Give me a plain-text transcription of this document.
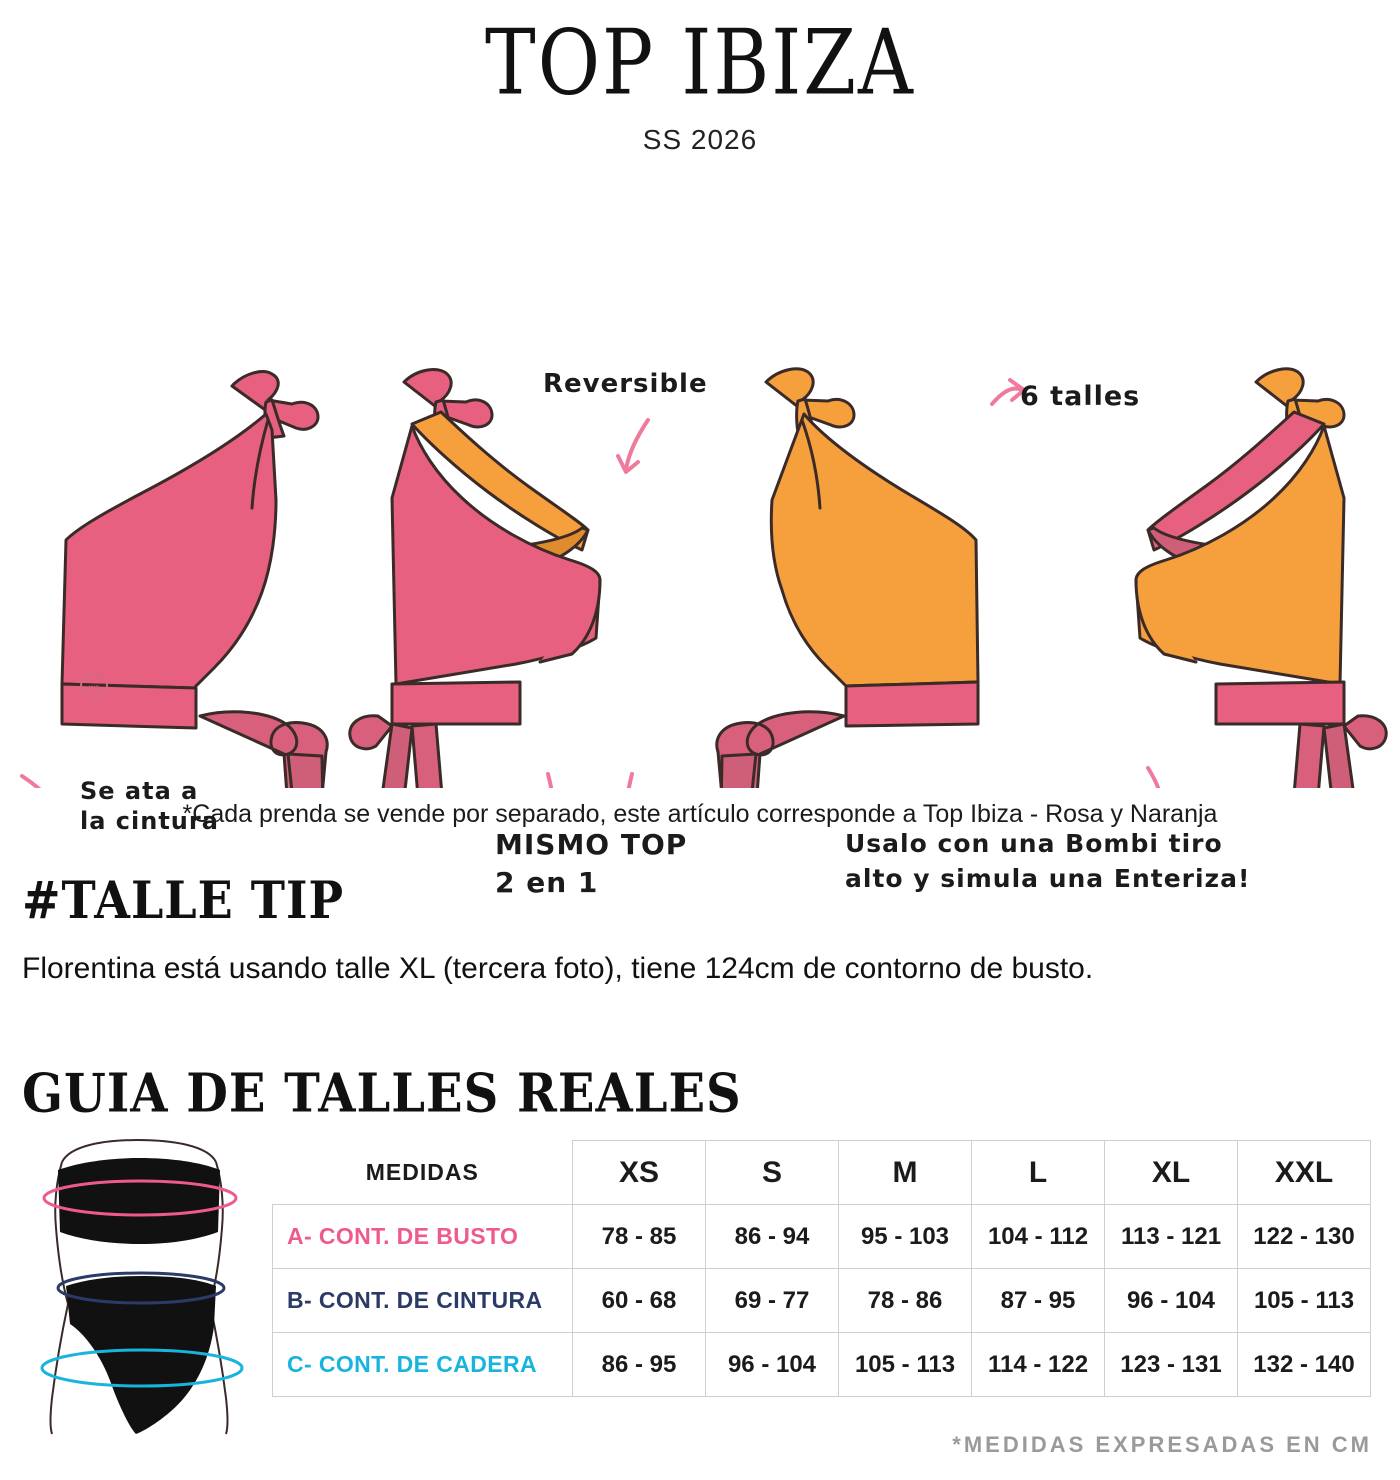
TOP IBIZA
SS 2026
ws
Reversible	6 talles
Se ata a
la cintura
MISMO TOP
2 en 1
Usalo con una Bombi tiro
alto y simula una Enteriza!
*Cada prenda se vende por separado, este artículo corresponde a Top Ibiza - Rosa y Naranja
#TALLE TIP
Florentina está usando talle XL (tercera foto), tiene 124cm de contorno de busto.
GUIA DE TALLES REALES
MEDIDAS	XS	S	M	L	XL	XXL
A- CONT. DE BUSTO	78 - 85	86 - 94	95 - 103	104 - 112	113 - 121	122 - 130
B- CONT. DE CINTURA	60 - 68	69 - 77	78 - 86	87 - 95	96 - 104	105 - 113
C- CONT. DE CADERA	86 - 95	96 - 104	105 - 113	114 - 122	123 - 131	132 - 140
*MEDIDAS EXPRESADAS EN CM
